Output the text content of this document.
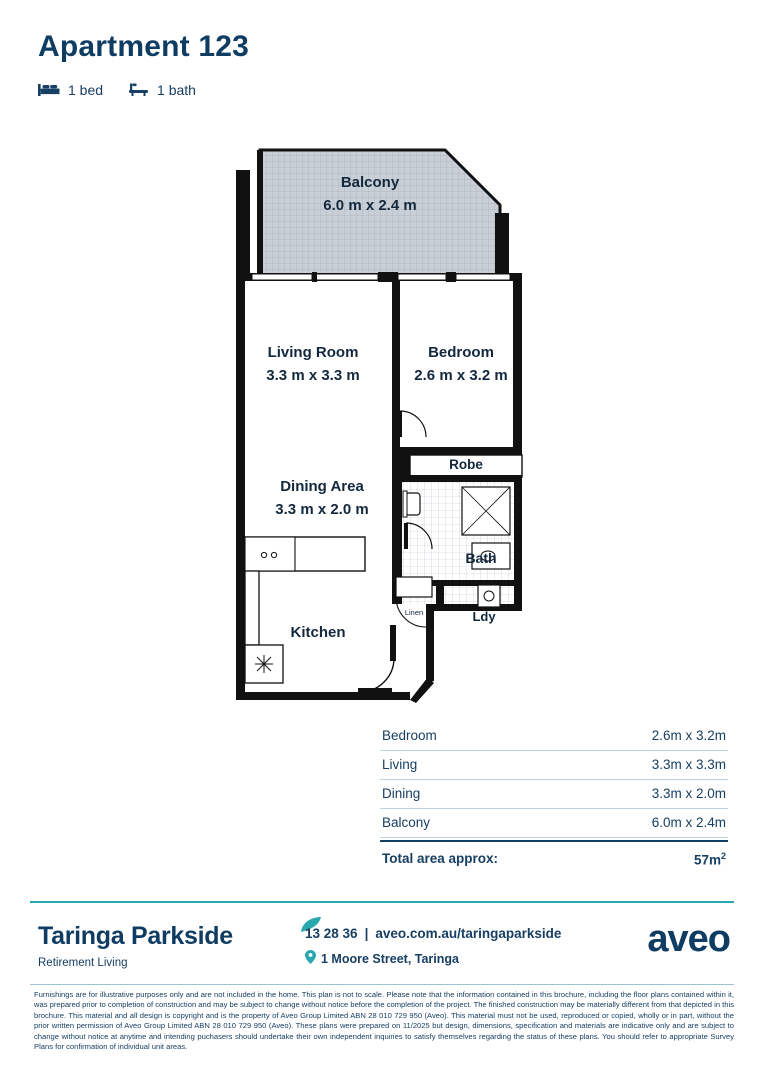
Apartment 123
1 bed	1 bath
Balcony
6.0 m x 2.4 m
Living Room
3.3 m x 3.3 m
Bedroom
2.6 m x 3.2 m
Dining Area
3.3 m x 2.0 m
Robe
Bath
Ldy
Linen
Kitchen
Bedroom	2.6m x 3.2m
Living	3.3m x 3.3m
Dining	3.3m x 2.0m
Balcony	6.0m x 2.4m
Total area approx:	$57m^2$
Taringa Parkside
Retirement Living
13 28 36 | aveo.com.au/taringaparkside
1 Moore Street, Taringa	aveo
Furnishings are for illustrative purposes only and are not included in the home. This plan is not to scale. Please note that the information contained in this brochure, including the floor plans contained within it, was prepared prior to completion of construction and may be subject to change without notice before the completion of the project. The finished construction may be materially different from that depicted in this brochure. This material and all design is copyright and is the property of Aveo Group Limited ABN 28 010 729 950 (Aveo). This material must not be used, reproduced or copied, wholly or in part, without the prior written permission of Aveo Group Limited ABN 28 010 729 950 (Aveo). These plans were prepared on 11/2025 but design, dimensions, specification and materials are indicative only and are subject to change without notice at anytime and intending puchasers should undertake their own independent inquiries to satisfy themselves regarding the status of these plans. You should refer to appropriate Survey Plans for confirmation of individual unit areas.
